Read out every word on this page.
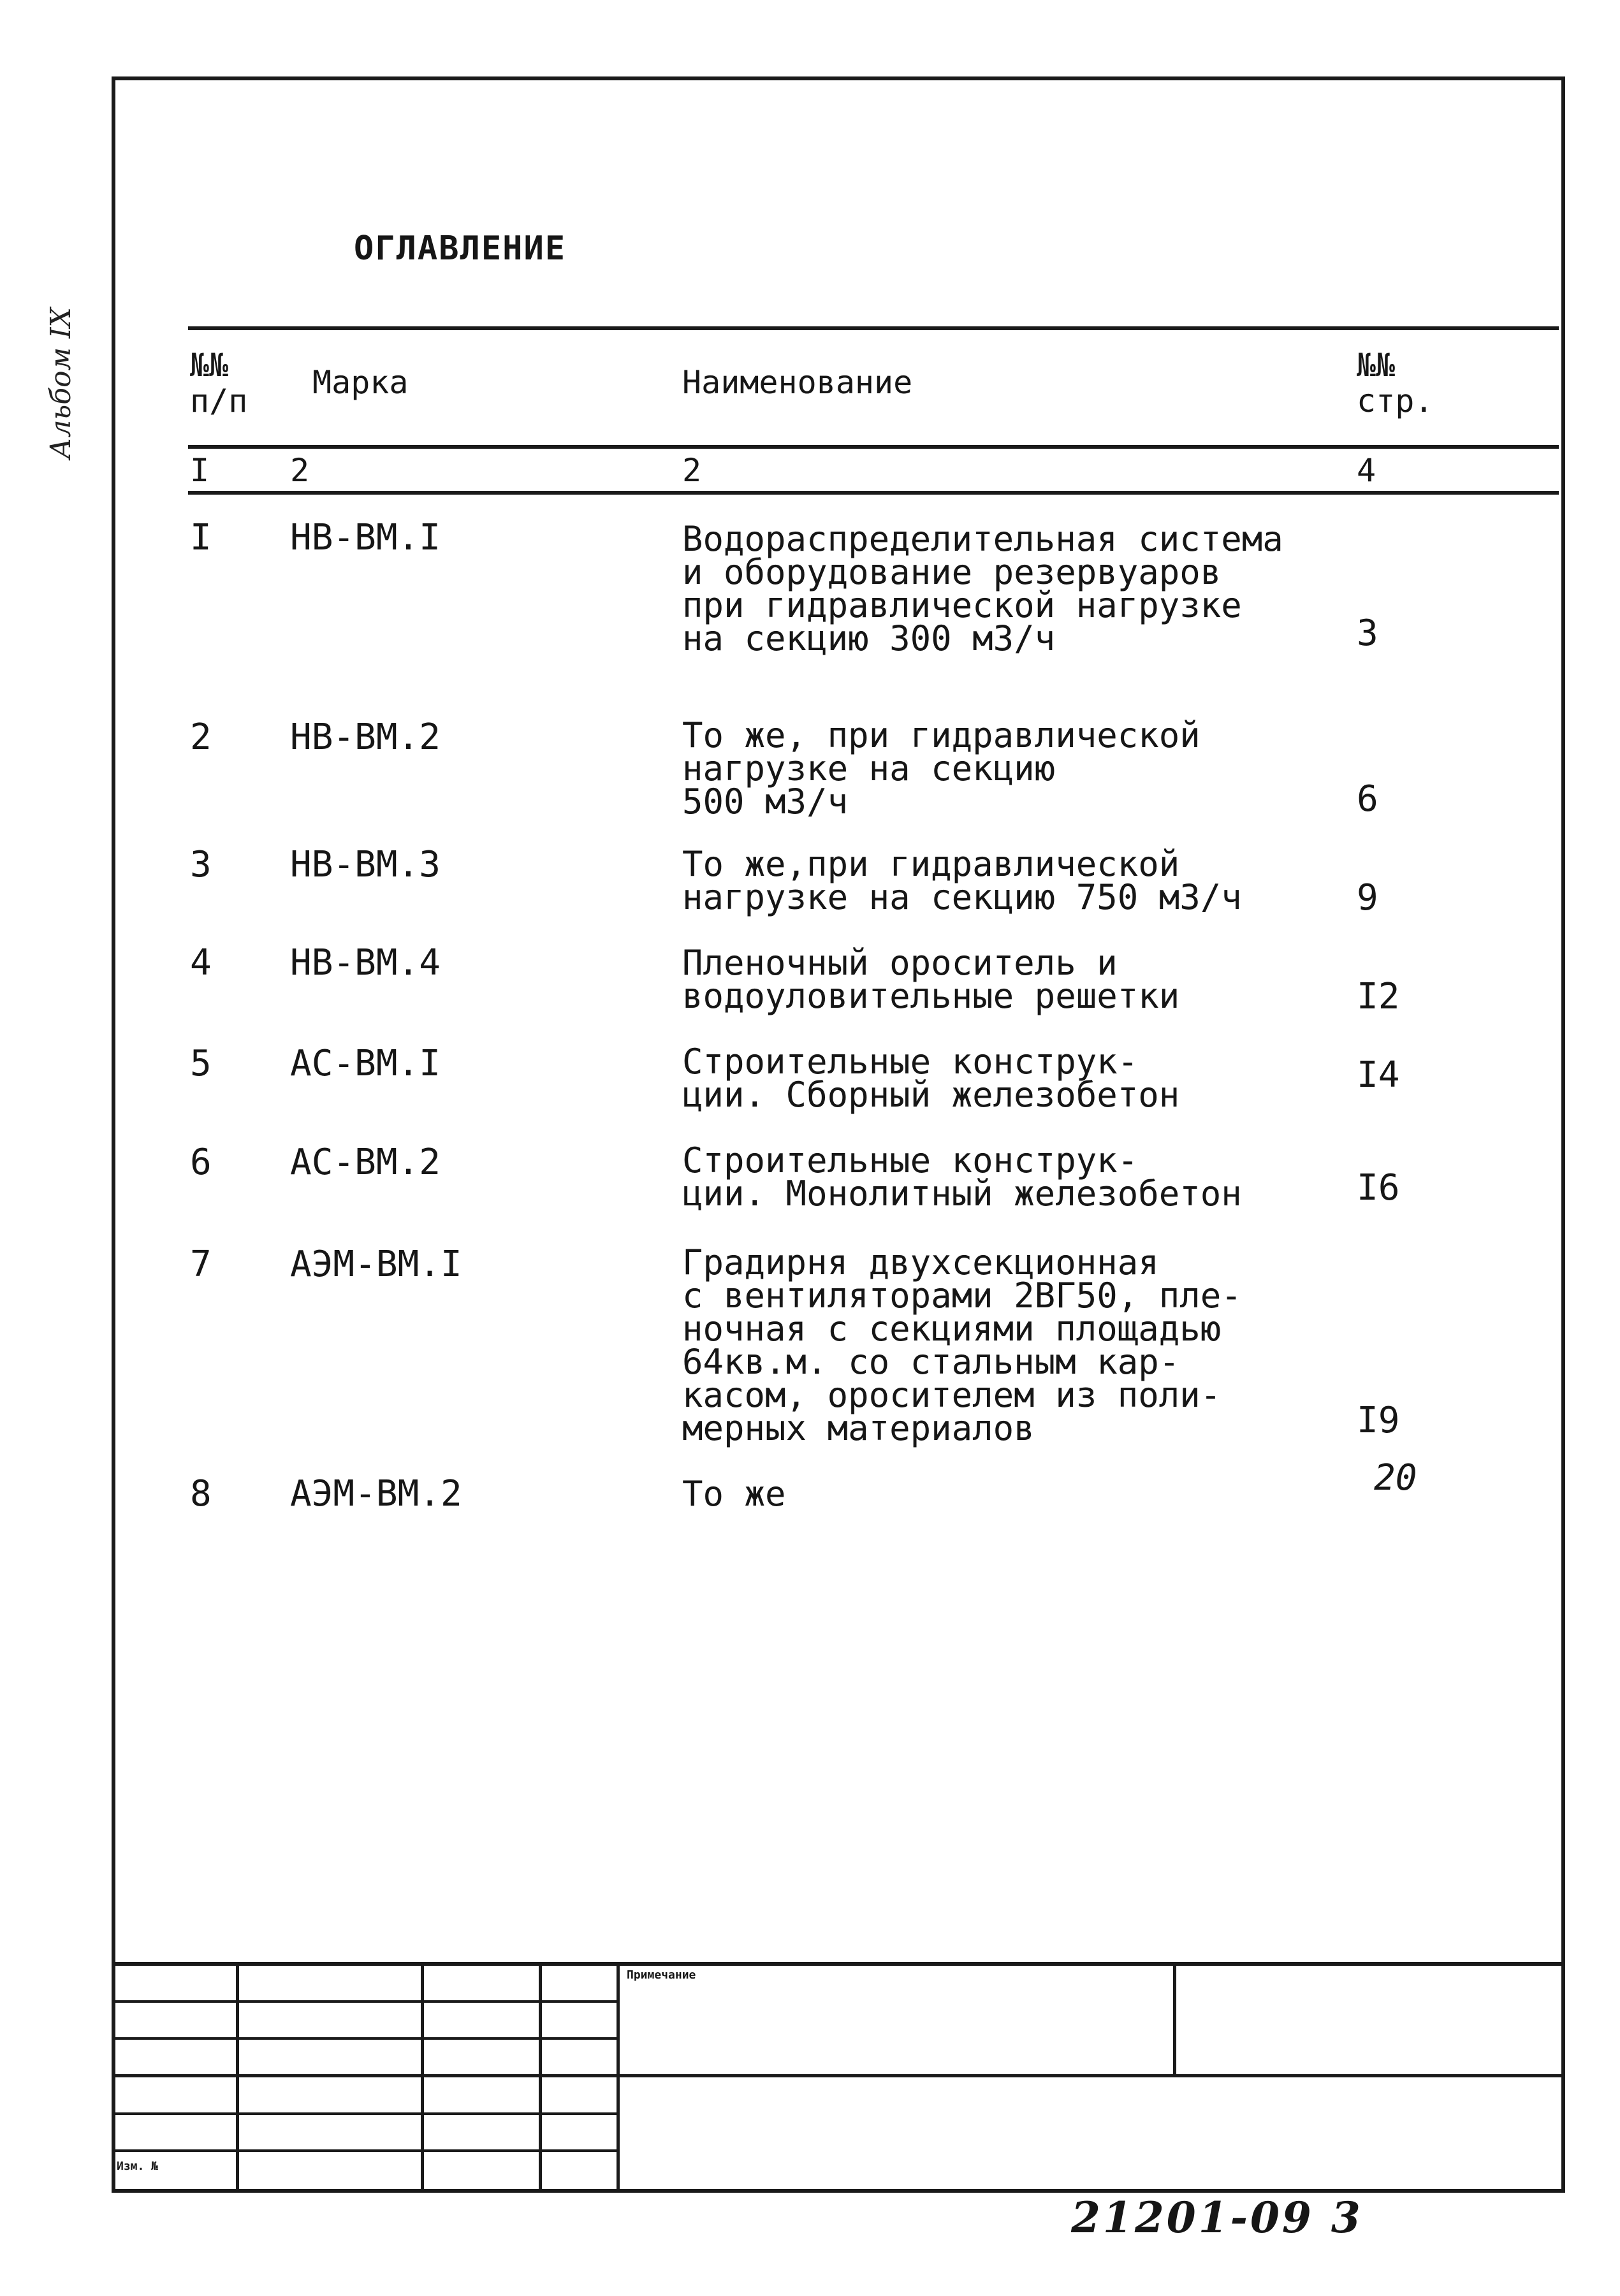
Альбом IX
ОГЛАВЛЕНИЕ
№№ п/п	Марка	Наименование	№№ стр.
I	2	2	4
I НВ-ВМ.I	Водораспределительная система
и оборудование резервуаров
при гидравлической нагрузке
на секцию 300 м3/ч	3
2 НВ-ВМ.2	То же, при гидравлической
нагрузке на секцию
500 м3/ч	6
3 НВ-ВМ.3	То же,при гидравлической
нагрузке на секцию 750 м3/ч	9
4 НВ-ВМ.4	Пленочный ороситель и
водоуловительные решетки	I2
5 АС-ВМ.I	Строительные конструк-
ции. Сборный железобетон	I4
6 АС-ВМ.2	Строительные конструк-
ции. Монолитный железобетон	I6
7 АЭМ-ВМ.I	Градирня двухсекционная
с вентиляторами 2ВГ50, пле-
ночная с секциями площадью
64кв.м. со стальным кар-
касом, оросителем из поли-
мерных материалов	I9
8 АЭМ-ВМ.2	То же	20
Примечание
Изм. №
21201-09 3
